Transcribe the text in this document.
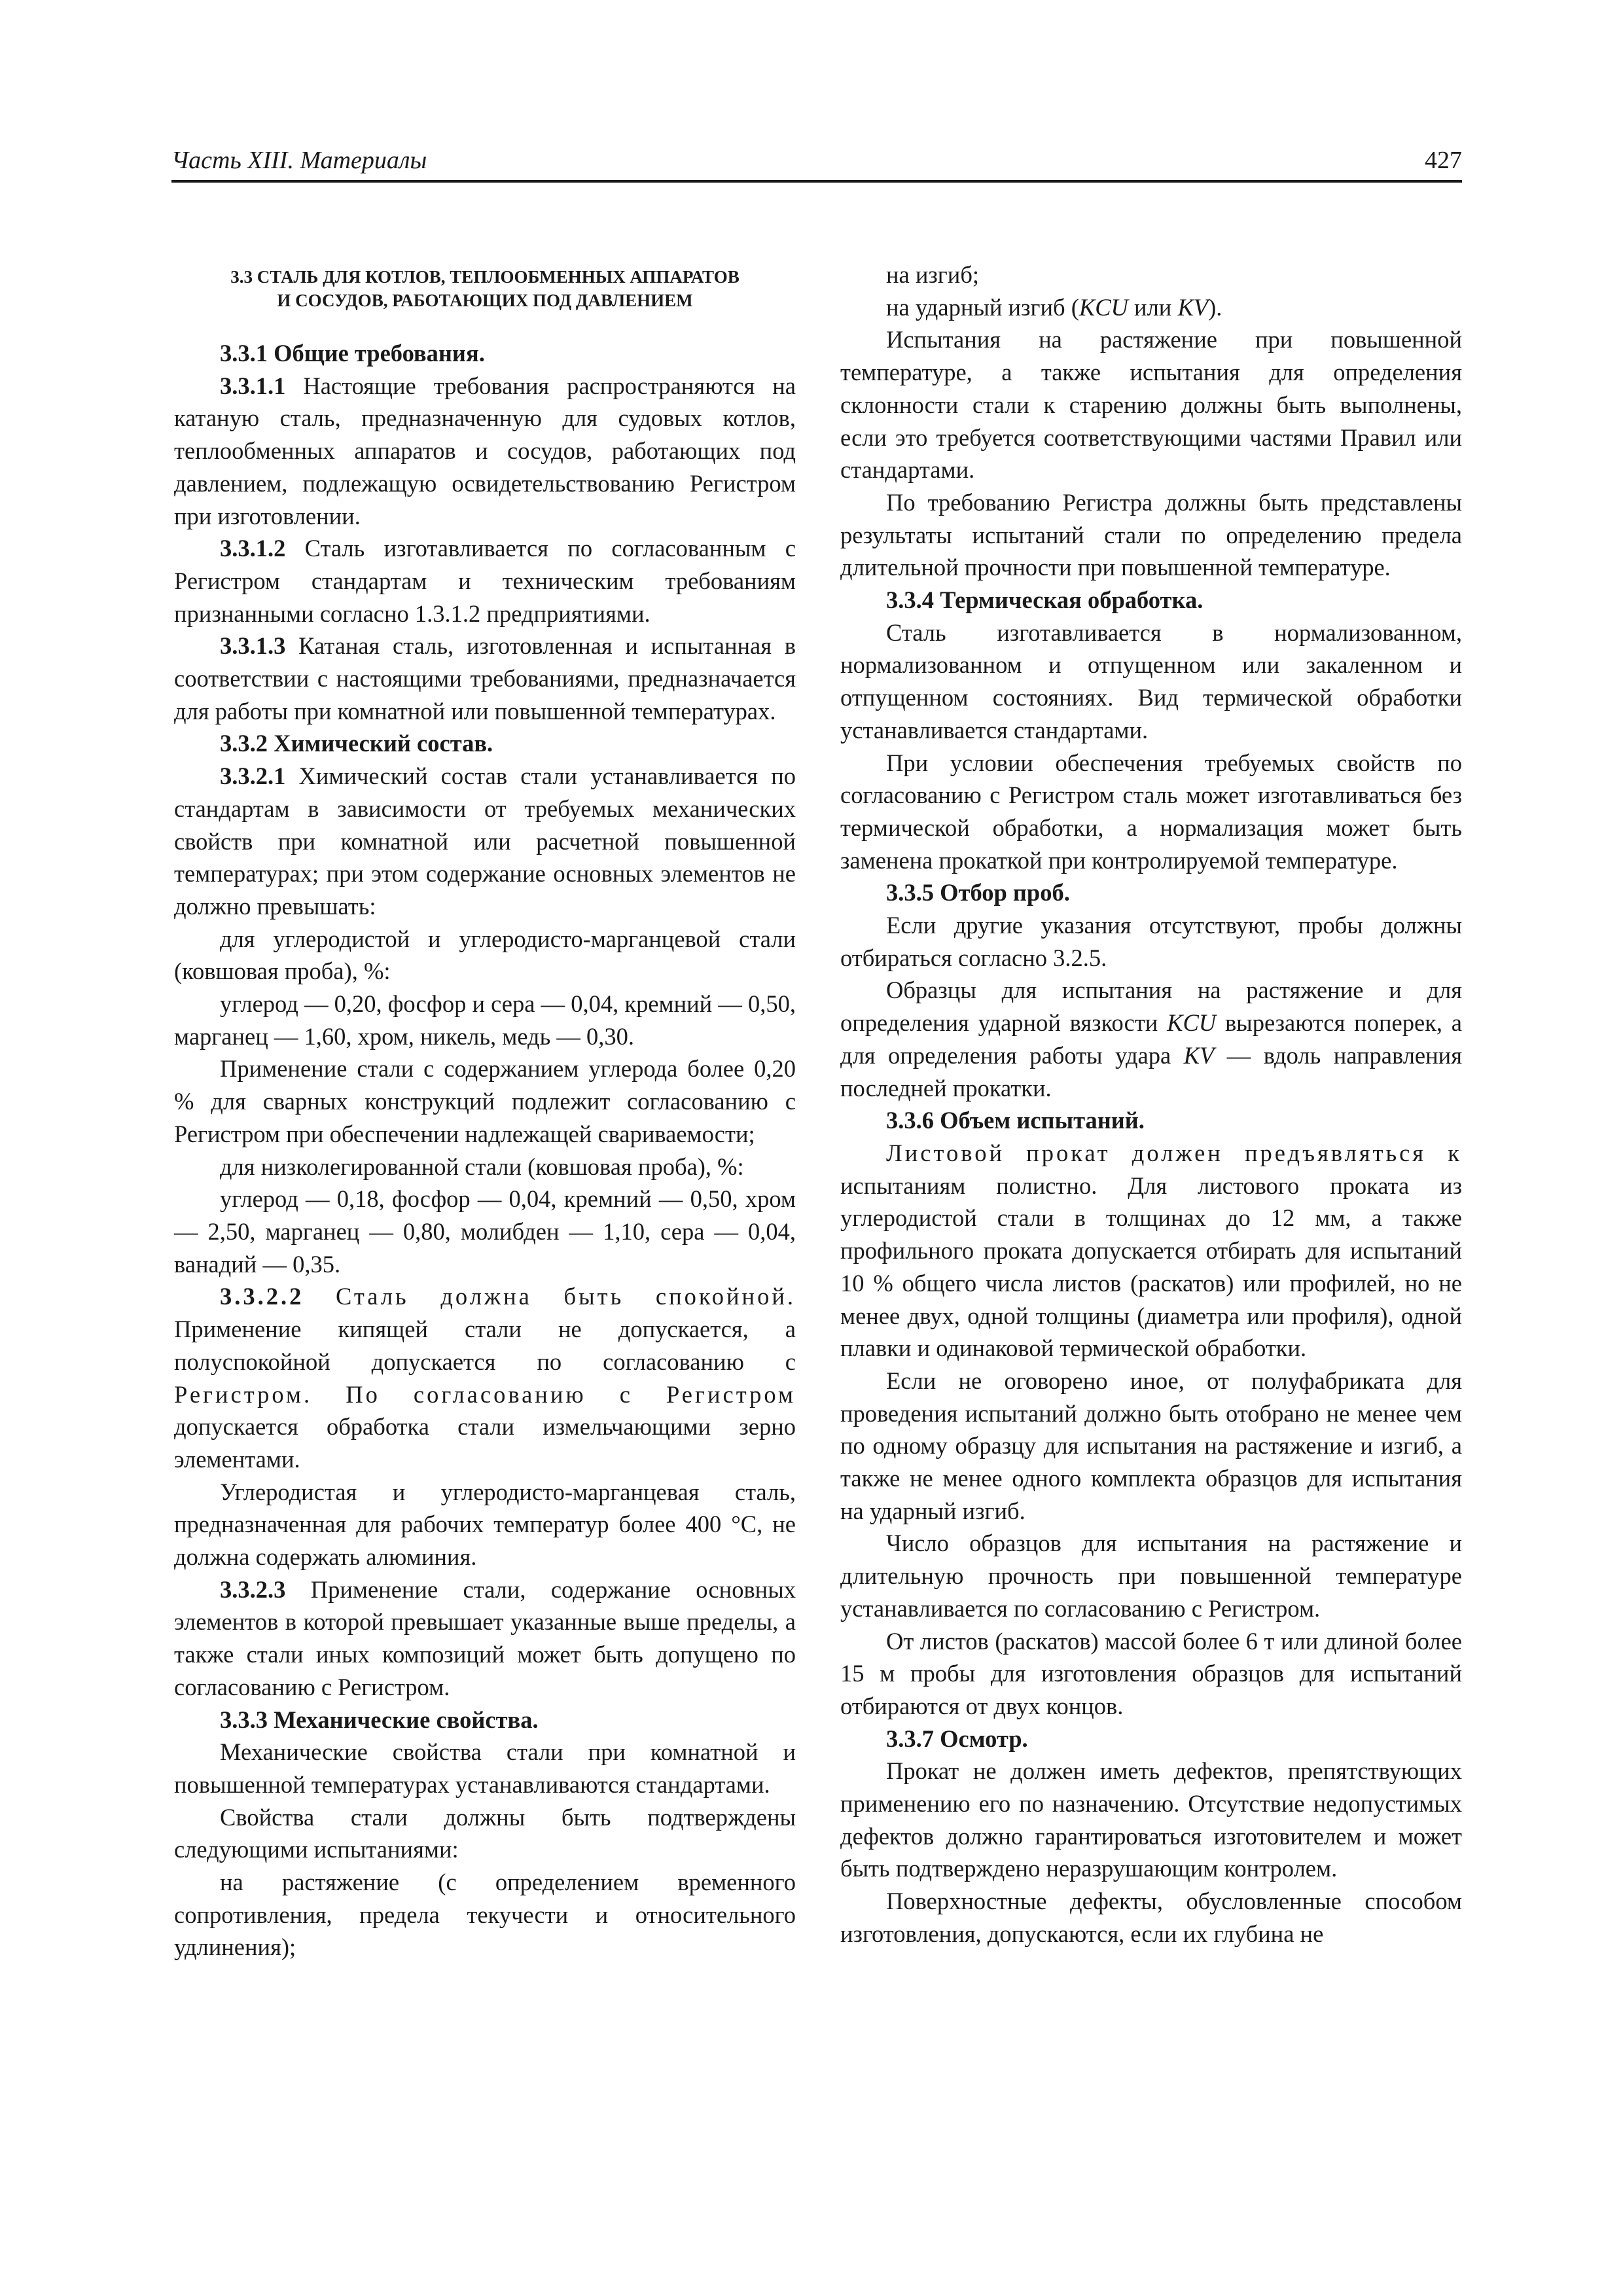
Часть XIII. Материалы	427

3.3 СТАЛЬ ДЛЯ КОТЛОВ, ТЕПЛООБМЕННЫХ АППАРАТОВ
И СОСУДОВ, РАБОТАЮЩИХ ПОД ДАВЛЕНИЕМ

3.3.1 Общие требования.

3.3.1.1 Настоящие требования распространяются на катаную сталь, предназначенную для судовых котлов, теплообменных аппаратов и сосудов, работающих под давлением, подлежащую освидетельствованию Регистром при изготовлении.

3.3.1.2 Сталь изготавливается по согласованным с Регистром стандартам и техническим требованиям признанными согласно 1.3.1.2 предприятиями.

3.3.1.3 Катаная сталь, изготовленная и испытанная в соответствии с настоящими требованиями, предназначается для работы при комнатной или повышенной температурах.

3.3.2 Химический состав.

3.3.2.1 Химический состав стали устанавливается по стандартам в зависимости от требуемых механических свойств при комнатной или расчетной повышенной температурах; при этом содержание основных элементов не должно превышать:

для углеродистой и углеродисто-марганцевой стали (ковшовая проба), %:

углерод — 0,20, фосфор и сера — 0,04, кремний — 0,50, марганец — 1,60, хром, никель, медь — 0,30.

Применение стали с содержанием углерода более 0,20 % для сварных конструкций подлежит согласованию с Регистром при обеспечении надлежащей свариваемости;

для низколегированной стали (ковшовая проба), %:

углерод — 0,18, фосфор — 0,04, кремний — 0,50, хром — 2,50, марганец — 0,80, молибден — 1,10, сера — 0,04, ванадий — 0,35.

3.3.2.2 Сталь должна быть спокойной. Применение кипящей стали не допускается, а полуспокойной допускается по согласованию с Регистром. По согласованию с Регистром допускается обработка стали измельчающими зерно элементами.

Углеродистая и углеродисто-марганцевая сталь, предназначенная для рабочих температур более 400 °С, не должна содержать алюминия.

3.3.2.3 Применение стали, содержание основных элементов в которой превышает указанные выше пределы, а также стали иных композиций может быть допущено по согласованию с Регистром.

3.3.3 Механические свойства.

Механические свойства стали при комнатной и повышенной температурах устанавливаются стандартами.

Свойства стали должны быть подтверждены следующими испытаниями:

на растяжение (с определением временного сопротивления, предела текучести и относительного удлинения);

на изгиб;

на ударный изгиб (KCU или KV).

Испытания на растяжение при повышенной температуре, а также испытания для определения склонности стали к старению должны быть выполнены, если это требуется соответствующими частями Правил или стандартами.

По требованию Регистра должны быть представлены результаты испытаний стали по определению предела длительной прочности при повышенной температуре.

3.3.4 Термическая обработка.

Сталь изготавливается в нормализованном, нормализованном и отпущенном или закаленном и отпущенном состояниях. Вид термической обработки устанавливается стандартами.

При условии обеспечения требуемых свойств по согласованию с Регистром сталь может изготавливаться без термической обработки, а нормализация может быть заменена прокаткой при контролируемой температуре.

3.3.5 Отбор проб.

Если другие указания отсутствуют, пробы должны отбираться согласно 3.2.5.

Образцы для испытания на растяжение и для определения ударной вязкости KCU вырезаются поперек, а для определения работы удара KV — вдоль направления последней прокатки.

3.3.6 Объем испытаний.

Листовой прокат должен предъявляться к испытаниям полистно. Для листового проката из углеродистой стали в толщинах до 12 мм, а также профильного проката допускается отбирать для испытаний 10 % общего числа листов (раскатов) или профилей, но не менее двух, одной толщины (диаметра или профиля), одной плавки и одинаковой термической обработки.

Если не оговорено иное, от полуфабриката для проведения испытаний должно быть отобрано не менее чем по одному образцу для испытания на растяжение и изгиб, а также не менее одного комплекта образцов для испытания на ударный изгиб.

Число образцов для испытания на растяжение и длительную прочность при повышенной температуре устанавливается по согласованию с Регистром.

От листов (раскатов) массой более 6 т или длиной более 15 м пробы для изготовления образцов для испытаний отбираются от двух концов.

3.3.7 Осмотр.

Прокат не должен иметь дефектов, препятствующих применению его по назначению. Отсутствие недопустимых дефектов должно гарантироваться изготовителем и может быть подтверждено неразрушающим контролем.

Поверхностные дефекты, обусловленные способом изготовления, допускаются, если их глубина не
